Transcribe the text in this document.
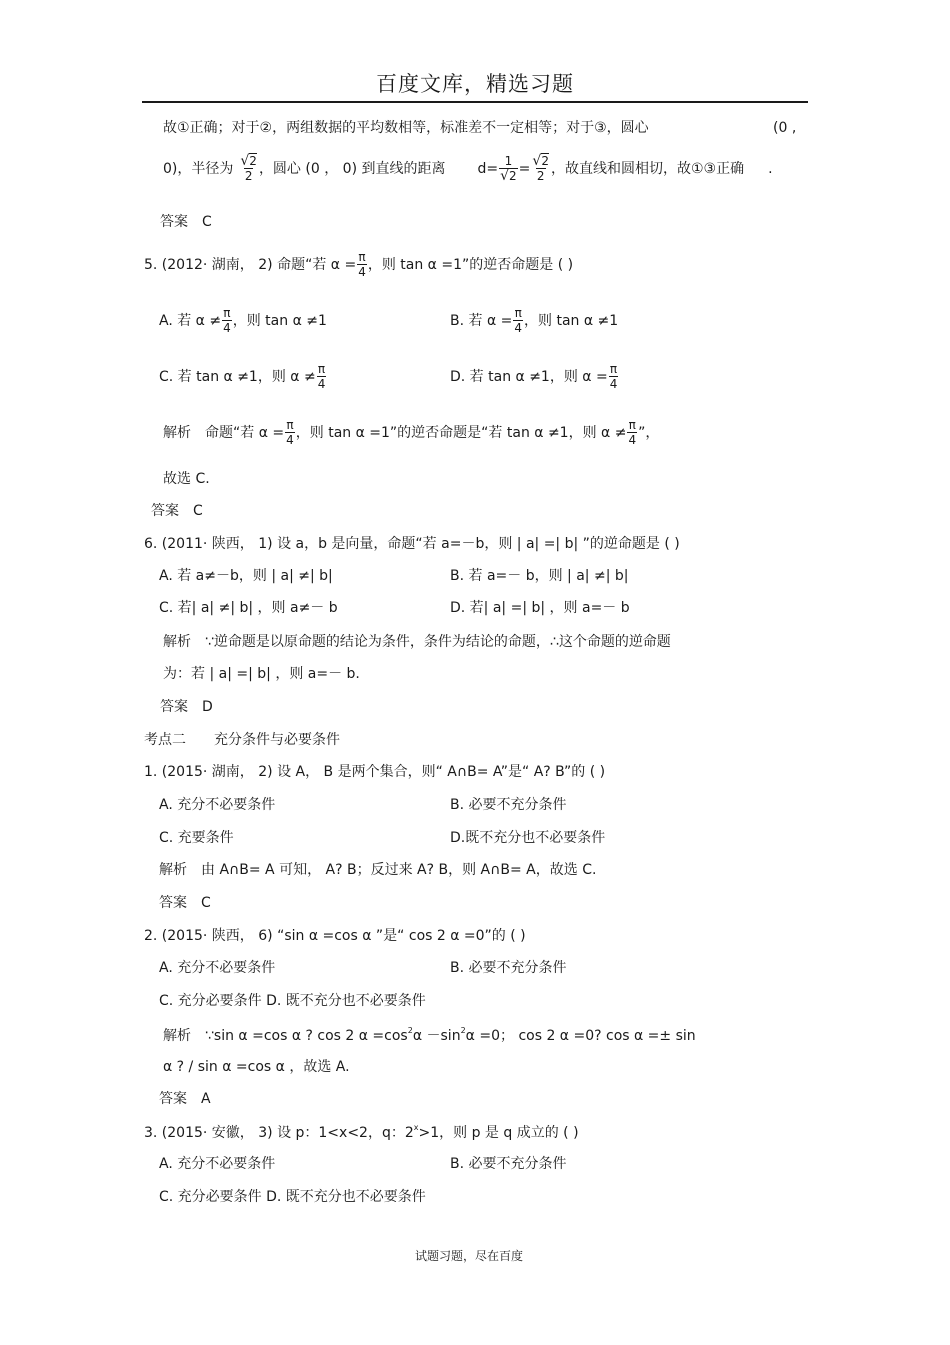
百度文库，精选习题
故①正确；对于②，两组数据的平均数相等，标准差不一定相等；对于③，圆心	(0 ,
0)，半径为 $\frac{√2}{2}$ ，圆心 (0 ， 0) 到直线的距离 $d= \frac{1}{√2} = \frac{√2}{2}$ ，故直线和圆相切，故①③正确 .
答案　C
5. (2012· 湖南， 2) 命题“若 $\alpha = \frac{\pi}{4}$ ，则 tan α =1”的逆否命题是 ( )
A. 若 $\alpha \ne \frac{\pi}{4}$ ，则 tan α ≠1	B. 若 $\alpha = \frac{\pi}{4}$ ，则 tan α ≠1
C. 若 tan α ≠1，则 $\alpha \ne \frac{\pi}{4}$	D. 若 tan α ≠1，则 $\alpha = \frac{\pi}{4}$
解析　命题“若 $\alpha = \frac{\pi}{4}$ ，则 tan α =1”的逆否命题是“若 tan α ≠1，则 $\alpha \ne \frac{\pi}{4}$ ”，
故选 C.
答案　C
6. (2011· 陕西， 1) 设 a，b 是向量，命题“若 a=－b，则 | a| =| b| ”的逆命题是 ( )
A. 若 a≠－b，则 | a| ≠| b|	B. 若 a=－ b，则 | a| ≠| b|
C. 若| a| ≠| b| ，则 a≠－ b	D. 若| a| =| b| ，则 a=－ b
解析　∵逆命题是以原命题的结论为条件，条件为结论的命题，∴这个命题的逆命题
为：若 | a| =| b| ，则 a=－ b.
答案　D
考点二　　充分条件与必要条件
1. (2015· 湖南， 2) 设 A， B 是两个集合，则“ A∩B= A”是“ A? B”的 ( )
A. 充分不必要条件	B. 必要不充分条件
C. 充要条件	D.既不充分也不必要条件
解析　由 A∩B= A 可知， A? B；反过来 A? B，则 A∩B= A，故选 C.
答案　C
2. (2015· 陕西， 6) “sin α =cos α ”是“ cos 2 α =0”的 ( )
A. 充分不必要条件	B. 必要不充分条件
C. 充分必要条件 D. 既不充分也不必要条件
解析　∵sin α =cos α ? cos 2 $\alpha =\cos^2\alpha -\sin^2\alpha =0$； cos 2 α =0? cos α =± sin
α ? / sin α =cos α ，故选 A.
答案　A
3. (2015· 安徽， 3) 设 p：1<x<2，q：$2^x>1$，则 p 是 q 成立的 ( )
A. 充分不必要条件	B. 必要不充分条件
C. 充分必要条件 D. 既不充分也不必要条件
试题习题，尽在百度
